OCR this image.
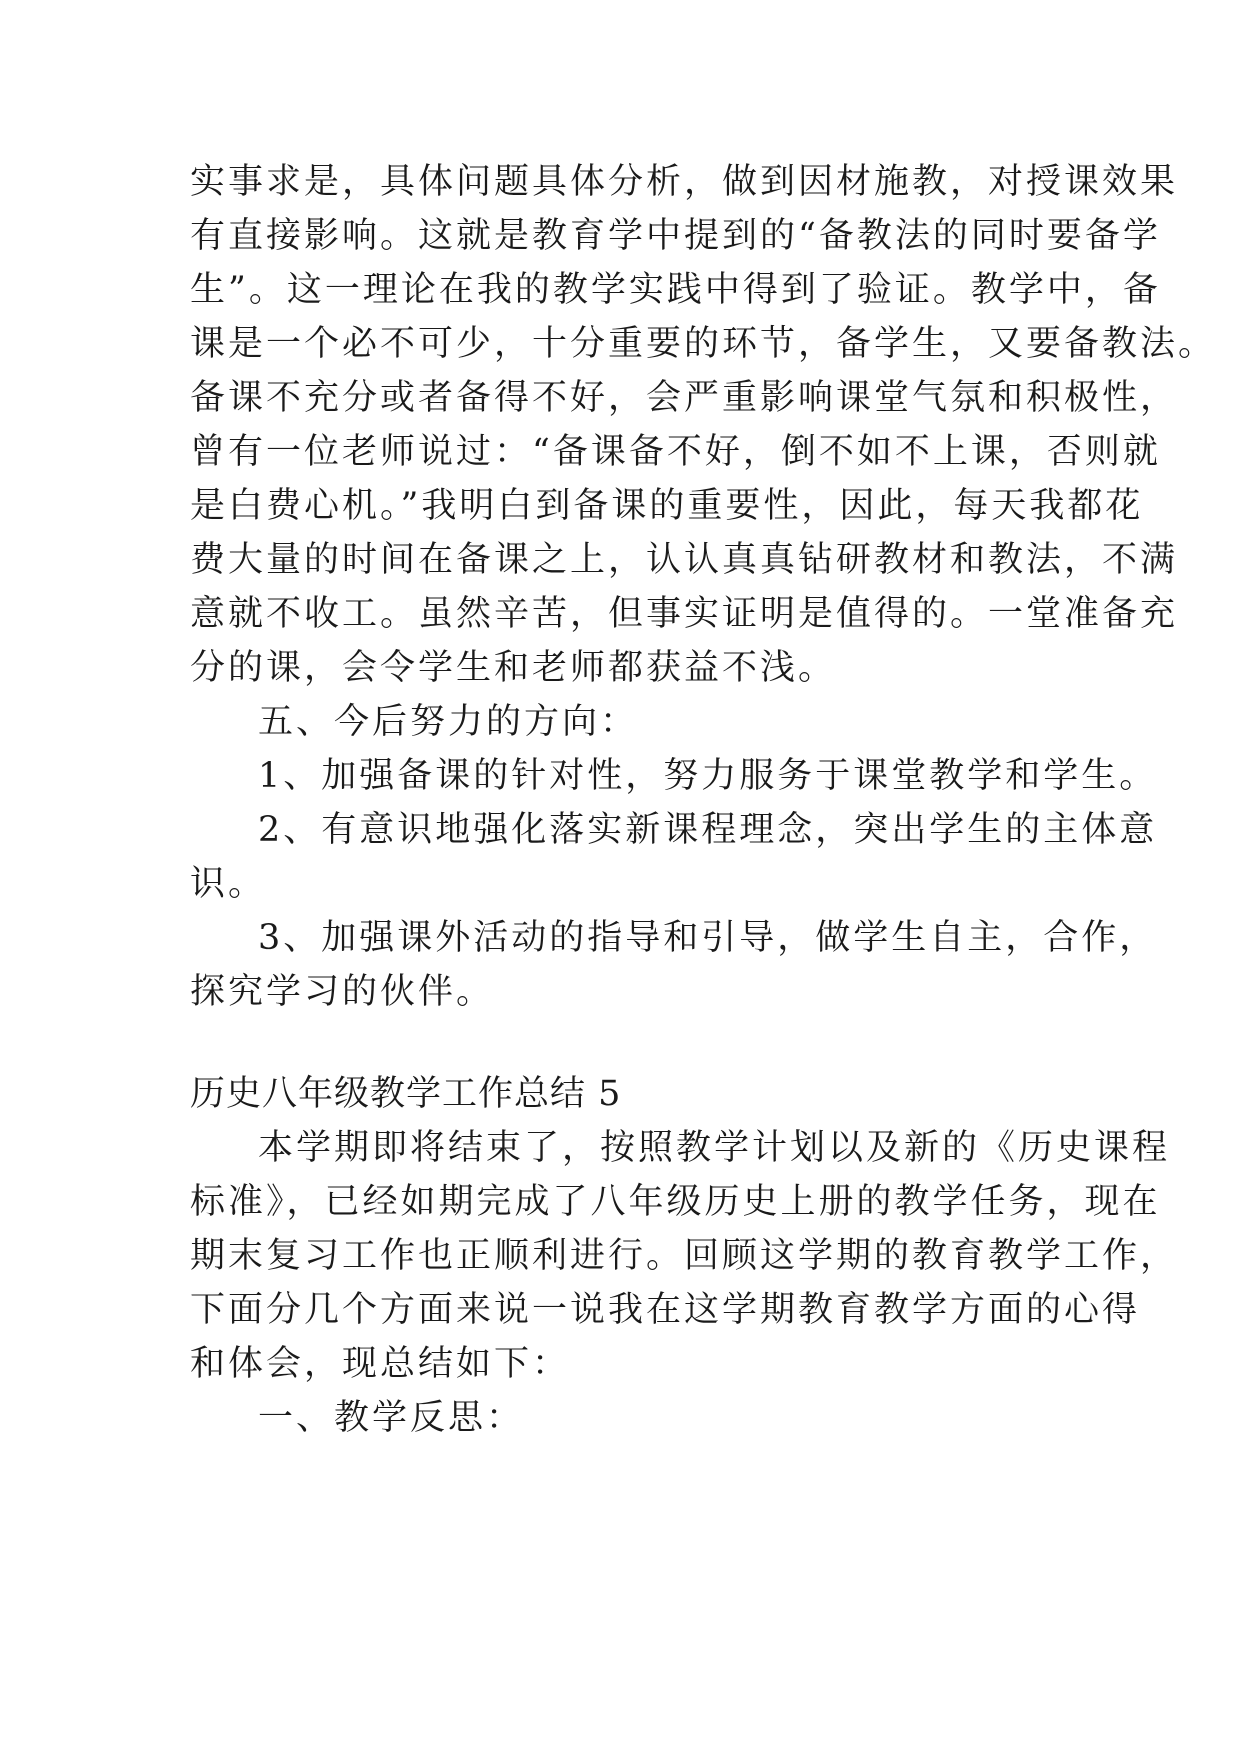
实事求是，具体问题具体分析，做到因材施教，对授课效果
有直接影响。这就是教育学中提到的“备教法的同时要备学
生”。这一理论在我的教学实践中得到了验证。教学中，备
课是一个必不可少，十分重要的环节，备学生，又要备教法。
备课不充分或者备得不好，会严重影响课堂气氛和积极性，
曾有一位老师说过：“备课备不好，倒不如不上课，否则就
是白费心机。”我明白到备课的重要性，因此，每天我都花
费大量的时间在备课之上，认认真真钻研教材和教法，不满
意就不收工。虽然辛苦，但事实证明是值得的。一堂准备充
分的课，会令学生和老师都获益不浅。
五、今后努力的方向：
1、加强备课的针对性，努力服务于课堂教学和学生。
2、有意识地强化落实新课程理念，突出学生的主体意
识。
3、加强课外活动的指导和引导，做学生自主，合作，
探究学习的伙伴。
历史八年级教学工作总结 5
本学期即将结束了，按照教学计划以及新的《历史课程
标准》，已经如期完成了八年级历史上册的教学任务，现在
期末复习工作也正顺利进行。回顾这学期的教育教学工作，
下面分几个方面来说一说我在这学期教育教学方面的心得
和体会，现总结如下：
一、教学反思：
